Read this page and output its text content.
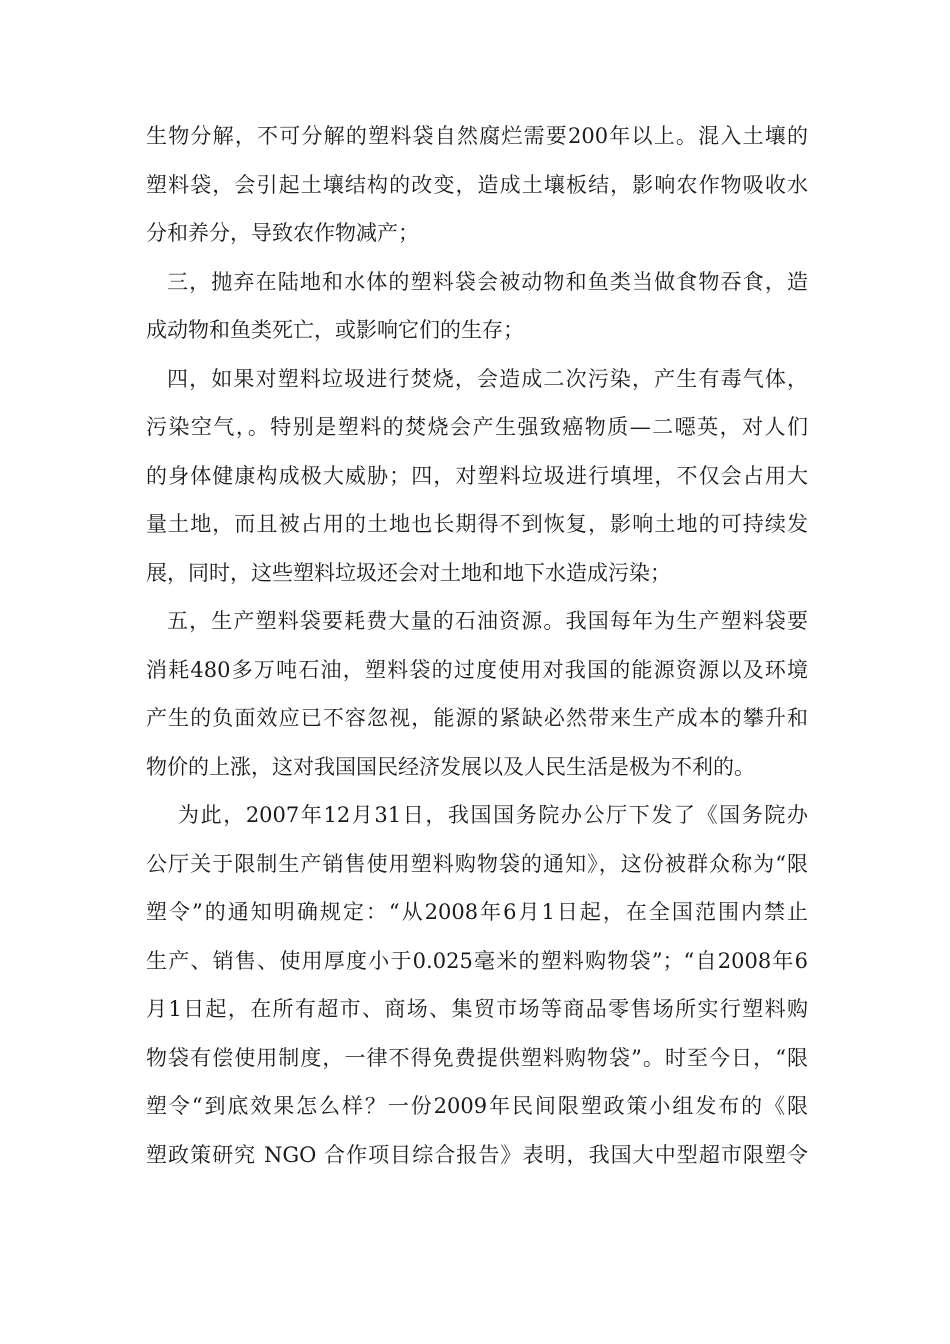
生物分解，不可分解的塑料袋自然腐烂需要200年以上。混入土壤的
塑料袋，会引起土壤结构的改变，造成土壤板结，影响农作物吸收水
分和养分，导致农作物减产；
三，抛弃在陆地和水体的塑料袋会被动物和鱼类当做食物吞食，造
成动物和鱼类死亡，或影响它们的生存；
四，如果对塑料垃圾进行焚烧，会造成二次污染，产生有毒气体，
污染空气，。特别是塑料的焚烧会产生强致癌物质—二噁英，对人们
的身体健康构成极大威胁；四，对塑料垃圾进行填埋，不仅会占用大
量土地，而且被占用的土地也长期得不到恢复，影响土地的可持续发
展，同时，这些塑料垃圾还会对土地和地下水造成污染；
五，生产塑料袋要耗费大量的石油资源。我国每年为生产塑料袋要
消耗480多万吨石油，塑料袋的过度使用对我国的能源资源以及环境
产生的负面效应已不容忽视，能源的紧缺必然带来生产成本的攀升和
物价的上涨，这对我国国民经济发展以及人民生活是极为不利的。
为此，2007年12月31日，我国国务院办公厅下发了《国务院办
公厅关于限制生产销售使用塑料购物袋的通知》，这份被群众称为“限
塑令”的通知明确规定：“从2008年6月1日起，在全国范围内禁止
生产、销售、使用厚度小于0.025毫米的塑料购物袋”；“自2008年6
月1日起，在所有超市、商场、集贸市场等商品零售场所实行塑料购
物袋有偿使用制度，一律不得免费提供塑料购物袋”。时至今日，“限
塑令“到底效果怎么样？一份2009年民间限塑政策小组发布的《限
塑政策研究 NGO 合作项目综合报告》表明，我国大中型超市限塑令
